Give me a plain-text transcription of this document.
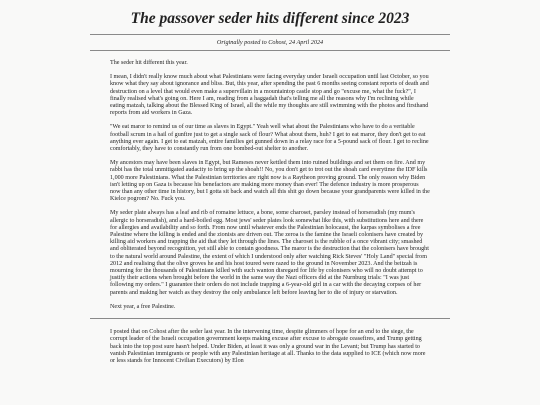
The passover seder hits different since 2023
Originally posted to Cohost, 24 April 2024

The seder hit different this year.

I mean, I didn't really know much about what Palestinians were facing everyday under Israeli occupation until last October, so you know what they say about ignorance and bliss. But, this year, after spending the past 6 months seeing constant reports of death and destruction on a level that would even make a supervillain in a mountaintop castle stop and go "excuse me, what the fuck?", I finally realised what's going on. Here I am, reading from a haggadah that's telling me all the reasons why I'm reclining while eating matzah, talking about the Blessed King of Israel, all the while my thoughts are still swimming with the photos and firsthand reports from aid workers in Gaza.

"We eat maror to remind us of our time as slaves in Egypt." Yeah well what about the Palestinians who have to do a veritable football scrum in a hail of gunfire just to get a single sack of flour? What about them, huh? I get to eat maror, they don't get to eat anything ever again. I get to eat matzah, entire families get gunned down in a relay race for a 5-pound sack of flour. I get to recline comfortably, they have to constantly run from one bombed-out shelter to another.

My ancestors may have been slaves in Egypt, but Rameses never kettled them into ruined buildings and set them on fire. And my rabbi has the total unmitigated audacity to bring up the shoah!! No, you don't get to trot out the shoah card everytime the IDF kills 1,000 more Palestinians. What the Palestinian territories are right now is a Raytheon proving ground. The only reason why Biden isn't letting up on Gaza is because his benefactors are making more money than ever! The defence industry is more prosperous now than any other time in history, but I gotta sit back and watch all this shit go down because your grandparents were killed in the Kielce pogrom? No. Fuck you.

My seder plate always has a leaf and rib of romaine lettuce, a bone, some charoset, parsley instead of horseradish (my mum's allergic to horseradish), and a hard-boiled egg. Most jews' seder plates look somewhat like this, with substitutions here and there for allergies and availability and so forth. From now until whatever ends the Palestinian holocaust, the karpas symbolises a free Palestine where the killing is ended and the zionists are driven out. The zeroa is the famine the Israeli colonisers have created by killing aid workers and trapping the aid that they let through the lines. The charoset is the rubble of a once vibrant city; smashed and obliterated beyond recognition, yet still able to contain goodness. The maror is the destruction that the colonisers have brought to the natural world around Palestine, the extent of which I understood only after watching Rick Steves' "Holy Land" special from 2012 and realising that the olive groves he and his host toured were razed to the ground in November 2023. And the beitzah is mourning for the thousands of Palestinians killed with such wanton disregard for life by colonisers who will no doubt attempt to justify their actions when brought before the world in the same way the Nazi officers did at the Nurnburg trials: "I was just following my orders." I guarantee their orders do not include trapping a 6-year-old girl in a car with the decaying corpses of her parents and making her watch as they destroy the only ambulance left before leaving her to die of injury or starvation.

Next year, a free Palestine.

I posted that on Cohost after the seder last year. In the intervening time, despite glimmers of hope for an end to the siege, the corrupt leader of the Israeli occupation government keeps making excuse after excuse to abrogate ceasefires, and Trump getting back into the top post sure hasn't helped. Under Biden, at least it was only a ground war in the Levant; but Trump has started to vanish Palestinian immigrants or people with any Palestinian heritage at all. Thanks to the data supplied to ICE (which now more or less stands for Innocent Civilian Executors) by Elon
